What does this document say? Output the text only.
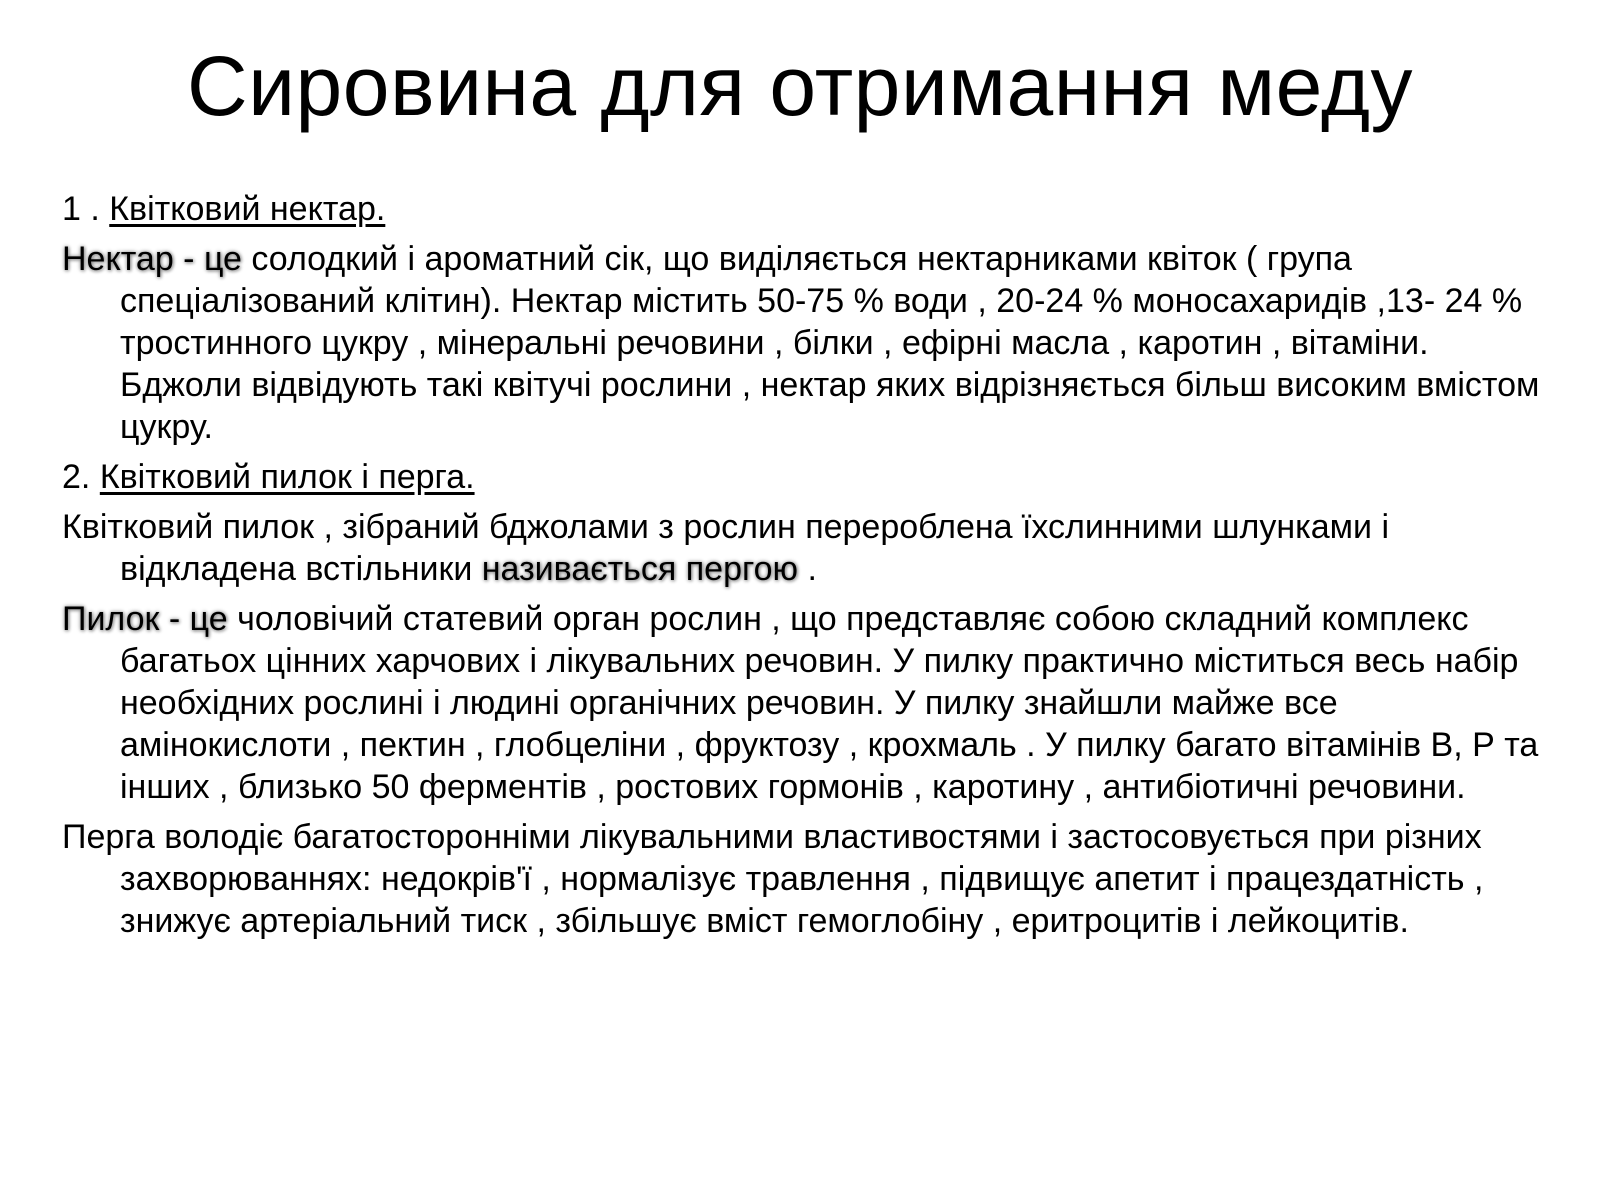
Сировина для отримання меду

1 . Квітковий нектар.

Нектар - це солодкий і ароматний сік, що виділяється нектарниками квіток ( група спеціалізований клітин). Нектар містить 50-75 % води , 20-24 % моносахаридів ,13- 24 % тростинного цукру , мінеральні речовини , білки , ефірні масла , каротин , вітаміни. Бджоли відвідують такі квітучі рослини , нектар яких відрізняється більш високим вмістом цукру.

2. Квітковий пилок і перга.

Квітковий пилок , зібраний бджолами з рослин перероблена їхслинними шлунками і відкладена встільники називається пергою .

Пилок - це чоловічий статевий орган рослин , що представляє собою складний комплекс багатьох цінних харчових і лікувальних речовин. У пилку практично міститься весь набір необхідних рослині і людині органічних речовин. У пилку знайшли майже все амінокислоти , пектин , глобцеліни , фруктозу , крохмаль . У пилку багато вітамінів В, Р та інших , близько 50 ферментів , ростових гормонів , каротину , антибіотичні речовини.

Перга володіє багатосторонніми лікувальними властивостями і застосовується при різних захворюваннях: недокрів'ї , нормалізує травлення , підвищує апетит і працездатність , знижує артеріальний тиск , збільшує вміст гемоглобіну , еритроцитів і лейкоцитів.
